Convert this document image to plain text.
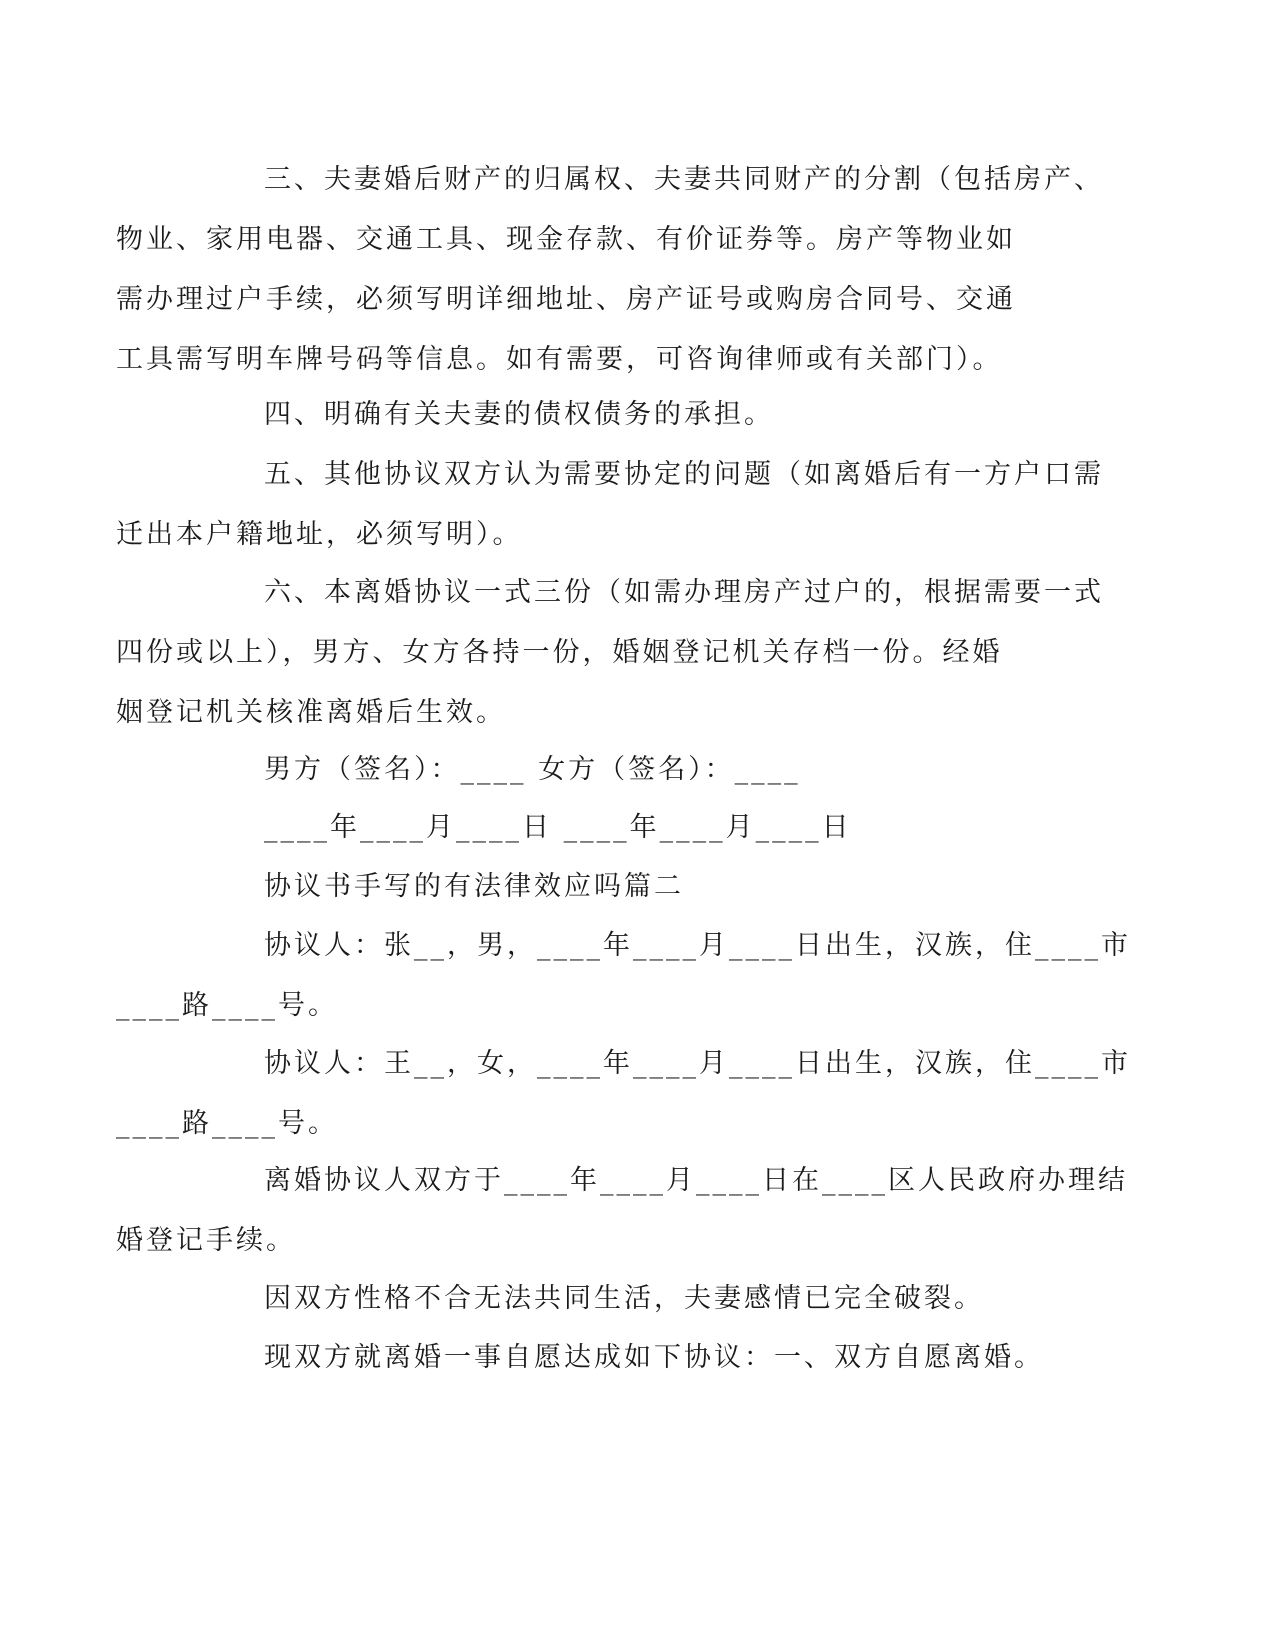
三、夫妻婚后财产的归属权、夫妻共同财产的分割（包括房产、
物业、家用电器、交通工具、现金存款、有价证券等。房产等物业如
需办理过户手续，必须写明详细地址、房产证号或购房合同号、交通
工具需写明车牌号码等信息。如有需要，可咨询律师或有关部门）。

四、明确有关夫妻的债权债务的承担。

五、其他协议双方认为需要协定的问题（如离婚后有一方户口需
迁出本户籍地址，必须写明）。
六、本离婚协议一式三份（如需办理房产过户的，根据需要一式
四份或以上），男方、女方各持一份，婚姻登记机关存档一份。经婚
姻登记机关核准离婚后生效。

男方（签名）：____ 女方（签名）：____

____年____月____日 ____年____月____日

协议书手写的有法律效应吗篇二

协议人：张__，男，____年____月____日出生，汉族，住____市
____路____号。
协议人：王__，女，____年____月____日出生，汉族，住____市
____路____号。
离婚协议人双方于____年____月____日在____区人民政府办理结
婚登记手续。

因双方性格不合无法共同生活，夫妻感情已完全破裂。

现双方就离婚一事自愿达成如下协议：一、双方自愿离婚。
